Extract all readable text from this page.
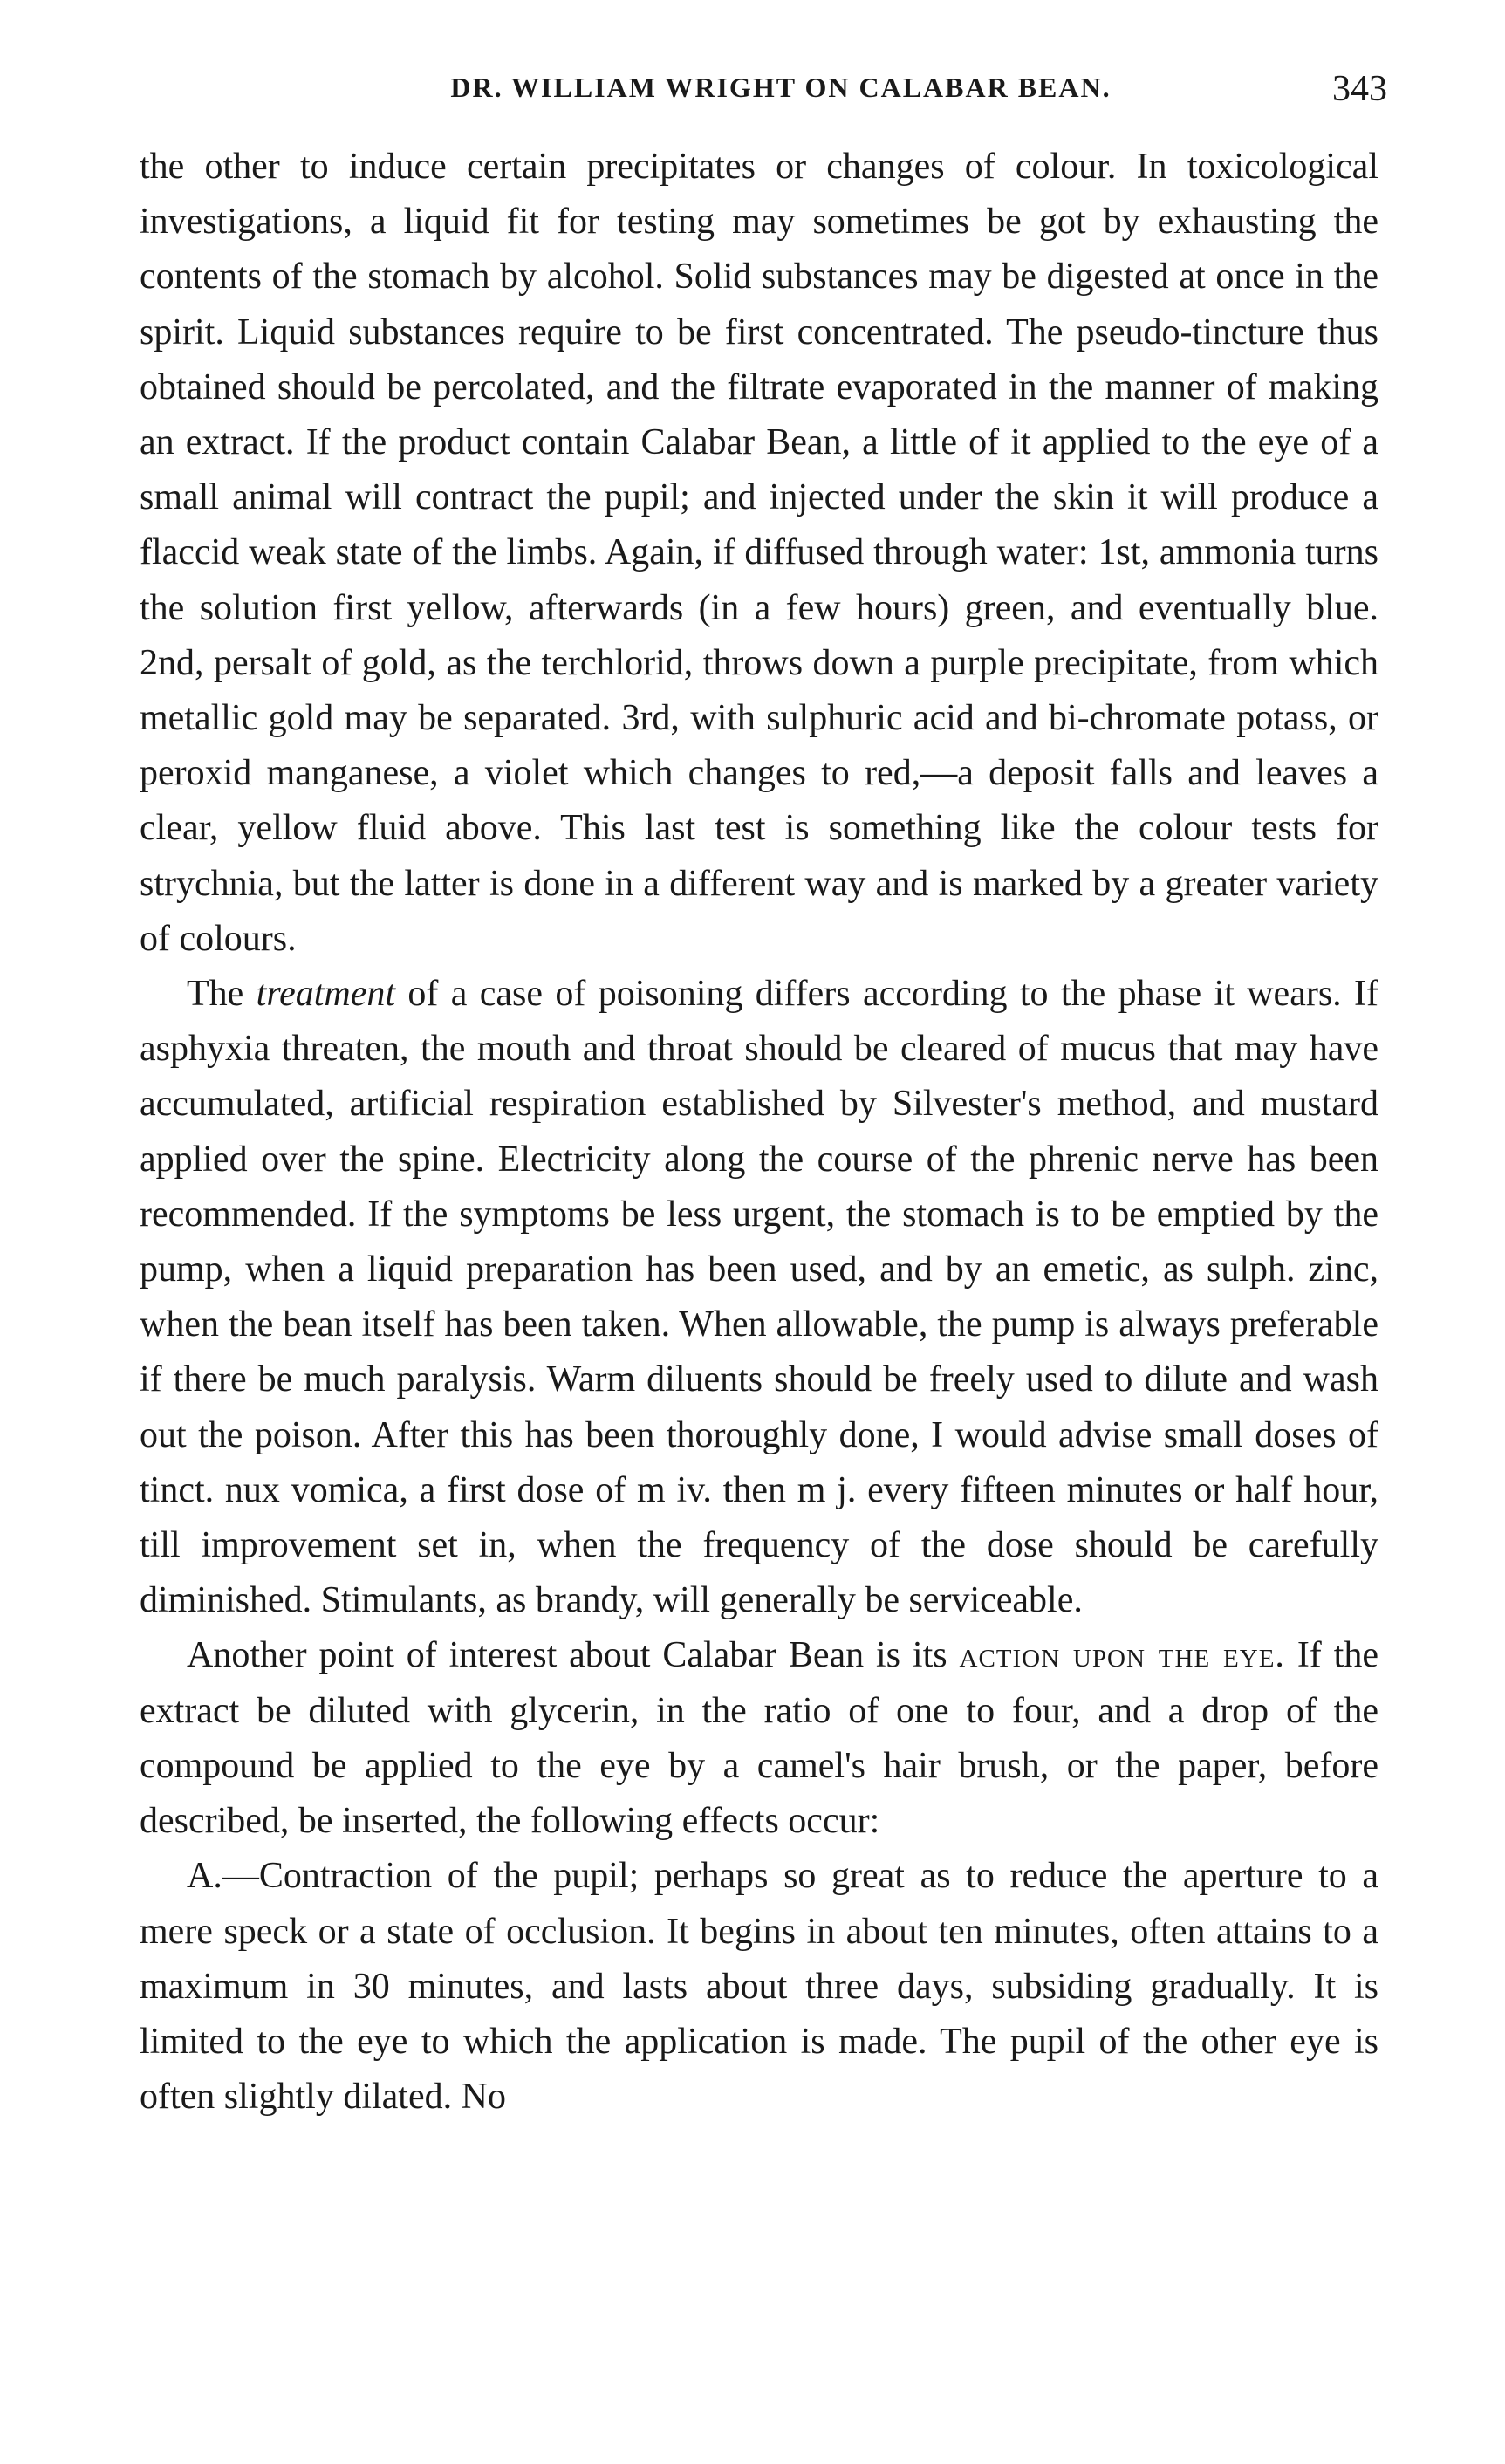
DR. WILLIAM WRIGHT ON CALABAR BEAN.	343

the other to induce certain precipitates or changes of colour. In toxicological investigations, a liquid fit for testing may sometimes be got by exhausting the contents of the stomach by alcohol. Solid substances may be digested at once in the spirit. Liquid substances require to be first concentrated. The pseudo-tincture thus obtained should be percolated, and the filtrate evaporated in the manner of making an extract. If the product contain Calabar Bean, a little of it applied to the eye of a small animal will contract the pupil; and injected under the skin it will produce a flaccid weak state of the limbs. Again, if diffused through water: 1st, ammonia turns the solution first yellow, afterwards (in a few hours) green, and eventually blue. 2nd, persalt of gold, as the terchlorid, throws down a purple precipitate, from which metallic gold may be separated. 3rd, with sulphuric acid and bi-chromate potass, or peroxid manganese, a violet which changes to red,—a deposit falls and leaves a clear, yellow fluid above. This last test is something like the colour tests for strychnia, but the latter is done in a different way and is marked by a greater variety of colours.

The treatment of a case of poisoning differs according to the phase it wears. If asphyxia threaten, the mouth and throat should be cleared of mucus that may have accumulated, artificial respiration established by Silvester's method, and mustard applied over the spine. Electricity along the course of the phrenic nerve has been recommended. If the symptoms be less urgent, the stomach is to be emptied by the pump, when a liquid preparation has been used, and by an emetic, as sulph. zinc, when the bean itself has been taken. When allowable, the pump is always preferable if there be much paralysis. Warm diluents should be freely used to dilute and wash out the poison. After this has been thoroughly done, I would advise small doses of tinct. nux vomica, a first dose of m iv. then m j. every fifteen minutes or half hour, till improvement set in, when the frequency of the dose should be carefully diminished. Stimulants, as brandy, will generally be serviceable.

Another point of interest about Calabar Bean is its action upon the eye. If the extract be diluted with glycerin, in the ratio of one to four, and a drop of the compound be applied to the eye by a camel's hair brush, or the paper, before described, be inserted, the following effects occur:

A.—Contraction of the pupil; perhaps so great as to reduce the aperture to a mere speck or a state of occlusion. It begins in about ten minutes, often attains to a maximum in 30 minutes, and lasts about three days, subsiding gradually. It is limited to the eye to which the application is made. The pupil of the other eye is often slightly dilated. No
